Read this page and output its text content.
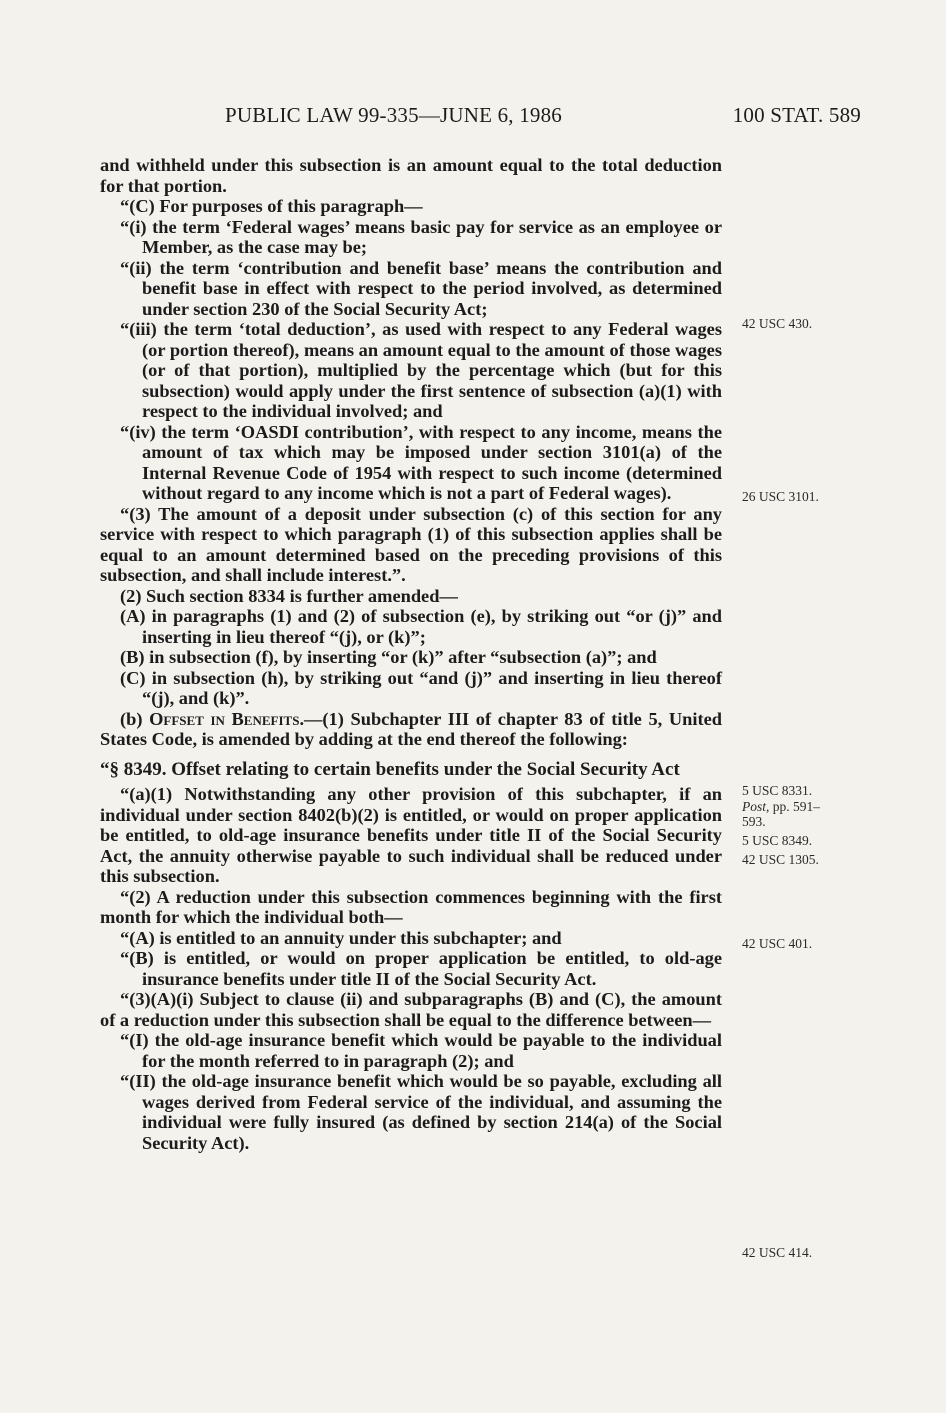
PUBLIC LAW 99-335—JUNE 6, 1986	100 STAT. 589

and withheld under this subsection is an amount equal to the total deduction for that portion.

“(C) For purposes of this paragraph—

“(i) the term ‘Federal wages’ means basic pay for service as an employee or Member, as the case may be;

“(ii) the term ‘contribution and benefit base’ means the contribution and benefit base in effect with respect to the period involved, as determined under section 230 of the Social Security Act;

“(iii) the term ‘total deduction’, as used with respect to any Federal wages (or portion thereof), means an amount equal to the amount of those wages (or of that portion), multiplied by the percentage which (but for this subsection) would apply under the first sentence of subsection (a)(1) with respect to the individual involved; and

“(iv) the term ‘OASDI contribution’, with respect to any income, means the amount of tax which may be imposed under section 3101(a) of the Internal Revenue Code of 1954 with respect to such income (determined without regard to any income which is not a part of Federal wages).

“(3) The amount of a deposit under subsection (c) of this section for any service with respect to which paragraph (1) of this subsection applies shall be equal to an amount determined based on the preceding provisions of this subsection, and shall include interest.”.

(2) Such section 8334 is further amended—

(A) in paragraphs (1) and (2) of subsection (e), by striking out “or (j)” and inserting in lieu thereof “(j), or (k)”;

(B) in subsection (f), by inserting “or (k)” after “subsection (a)”; and

(C) in subsection (h), by striking out “and (j)” and inserting in lieu thereof “(j), and (k)”.

(b) Offset in Benefits.—(1) Subchapter III of chapter 83 of title 5, United States Code, is amended by adding at the end thereof the following:

“§ 8349. Offset relating to certain benefits under the Social Security Act

“(a)(1) Notwithstanding any other provision of this subchapter, if an individual under section 8402(b)(2) is entitled, or would on proper application be entitled, to old-age insurance benefits under title II of the Social Security Act, the annuity otherwise payable to such individual shall be reduced under this subsection.

“(2) A reduction under this subsection commences beginning with the first month for which the individual both—

“(A) is entitled to an annuity under this subchapter; and

“(B) is entitled, or would on proper application be entitled, to old-age insurance benefits under title II of the Social Security Act.

“(3)(A)(i) Subject to clause (ii) and subparagraphs (B) and (C), the amount of a reduction under this subsection shall be equal to the difference between—

“(I) the old-age insurance benefit which would be payable to the individual for the month referred to in paragraph (2); and

“(II) the old-age insurance benefit which would be so payable, excluding all wages derived from Federal service of the individual, and assuming the individual were fully insured (as defined by section 214(a) of the Social Security Act).

42 USC 430.
26 USC 3101.
5 USC 8331.
Post, pp. 591–
593.
5 USC 8349.
42 USC 1305.
42 USC 401.
42 USC 414.
